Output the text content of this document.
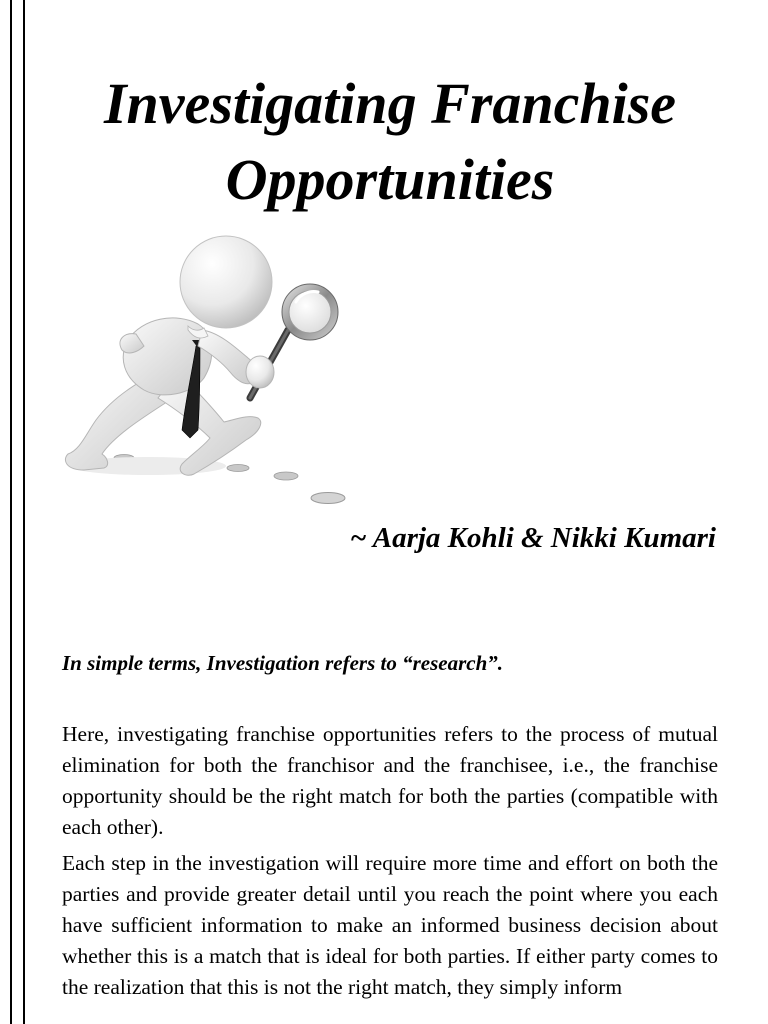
Investigating Franchise
Opportunities

~ Aarja Kohli & Nikki Kumari

In simple terms, Investigation refers to “research”.

Here, investigating franchise opportunities refers to the process of mutual elimination for both the franchisor and the franchisee, i.e., the franchise opportunity should be the right match for both the parties (compatible with each other).

Each step in the investigation will require more time and effort on both the parties and provide greater detail until you reach the point where you each have sufficient information to make an informed business decision about whether this is a match that is ideal for both parties. If either party comes to the realization that this is not the right match, they simply inform
